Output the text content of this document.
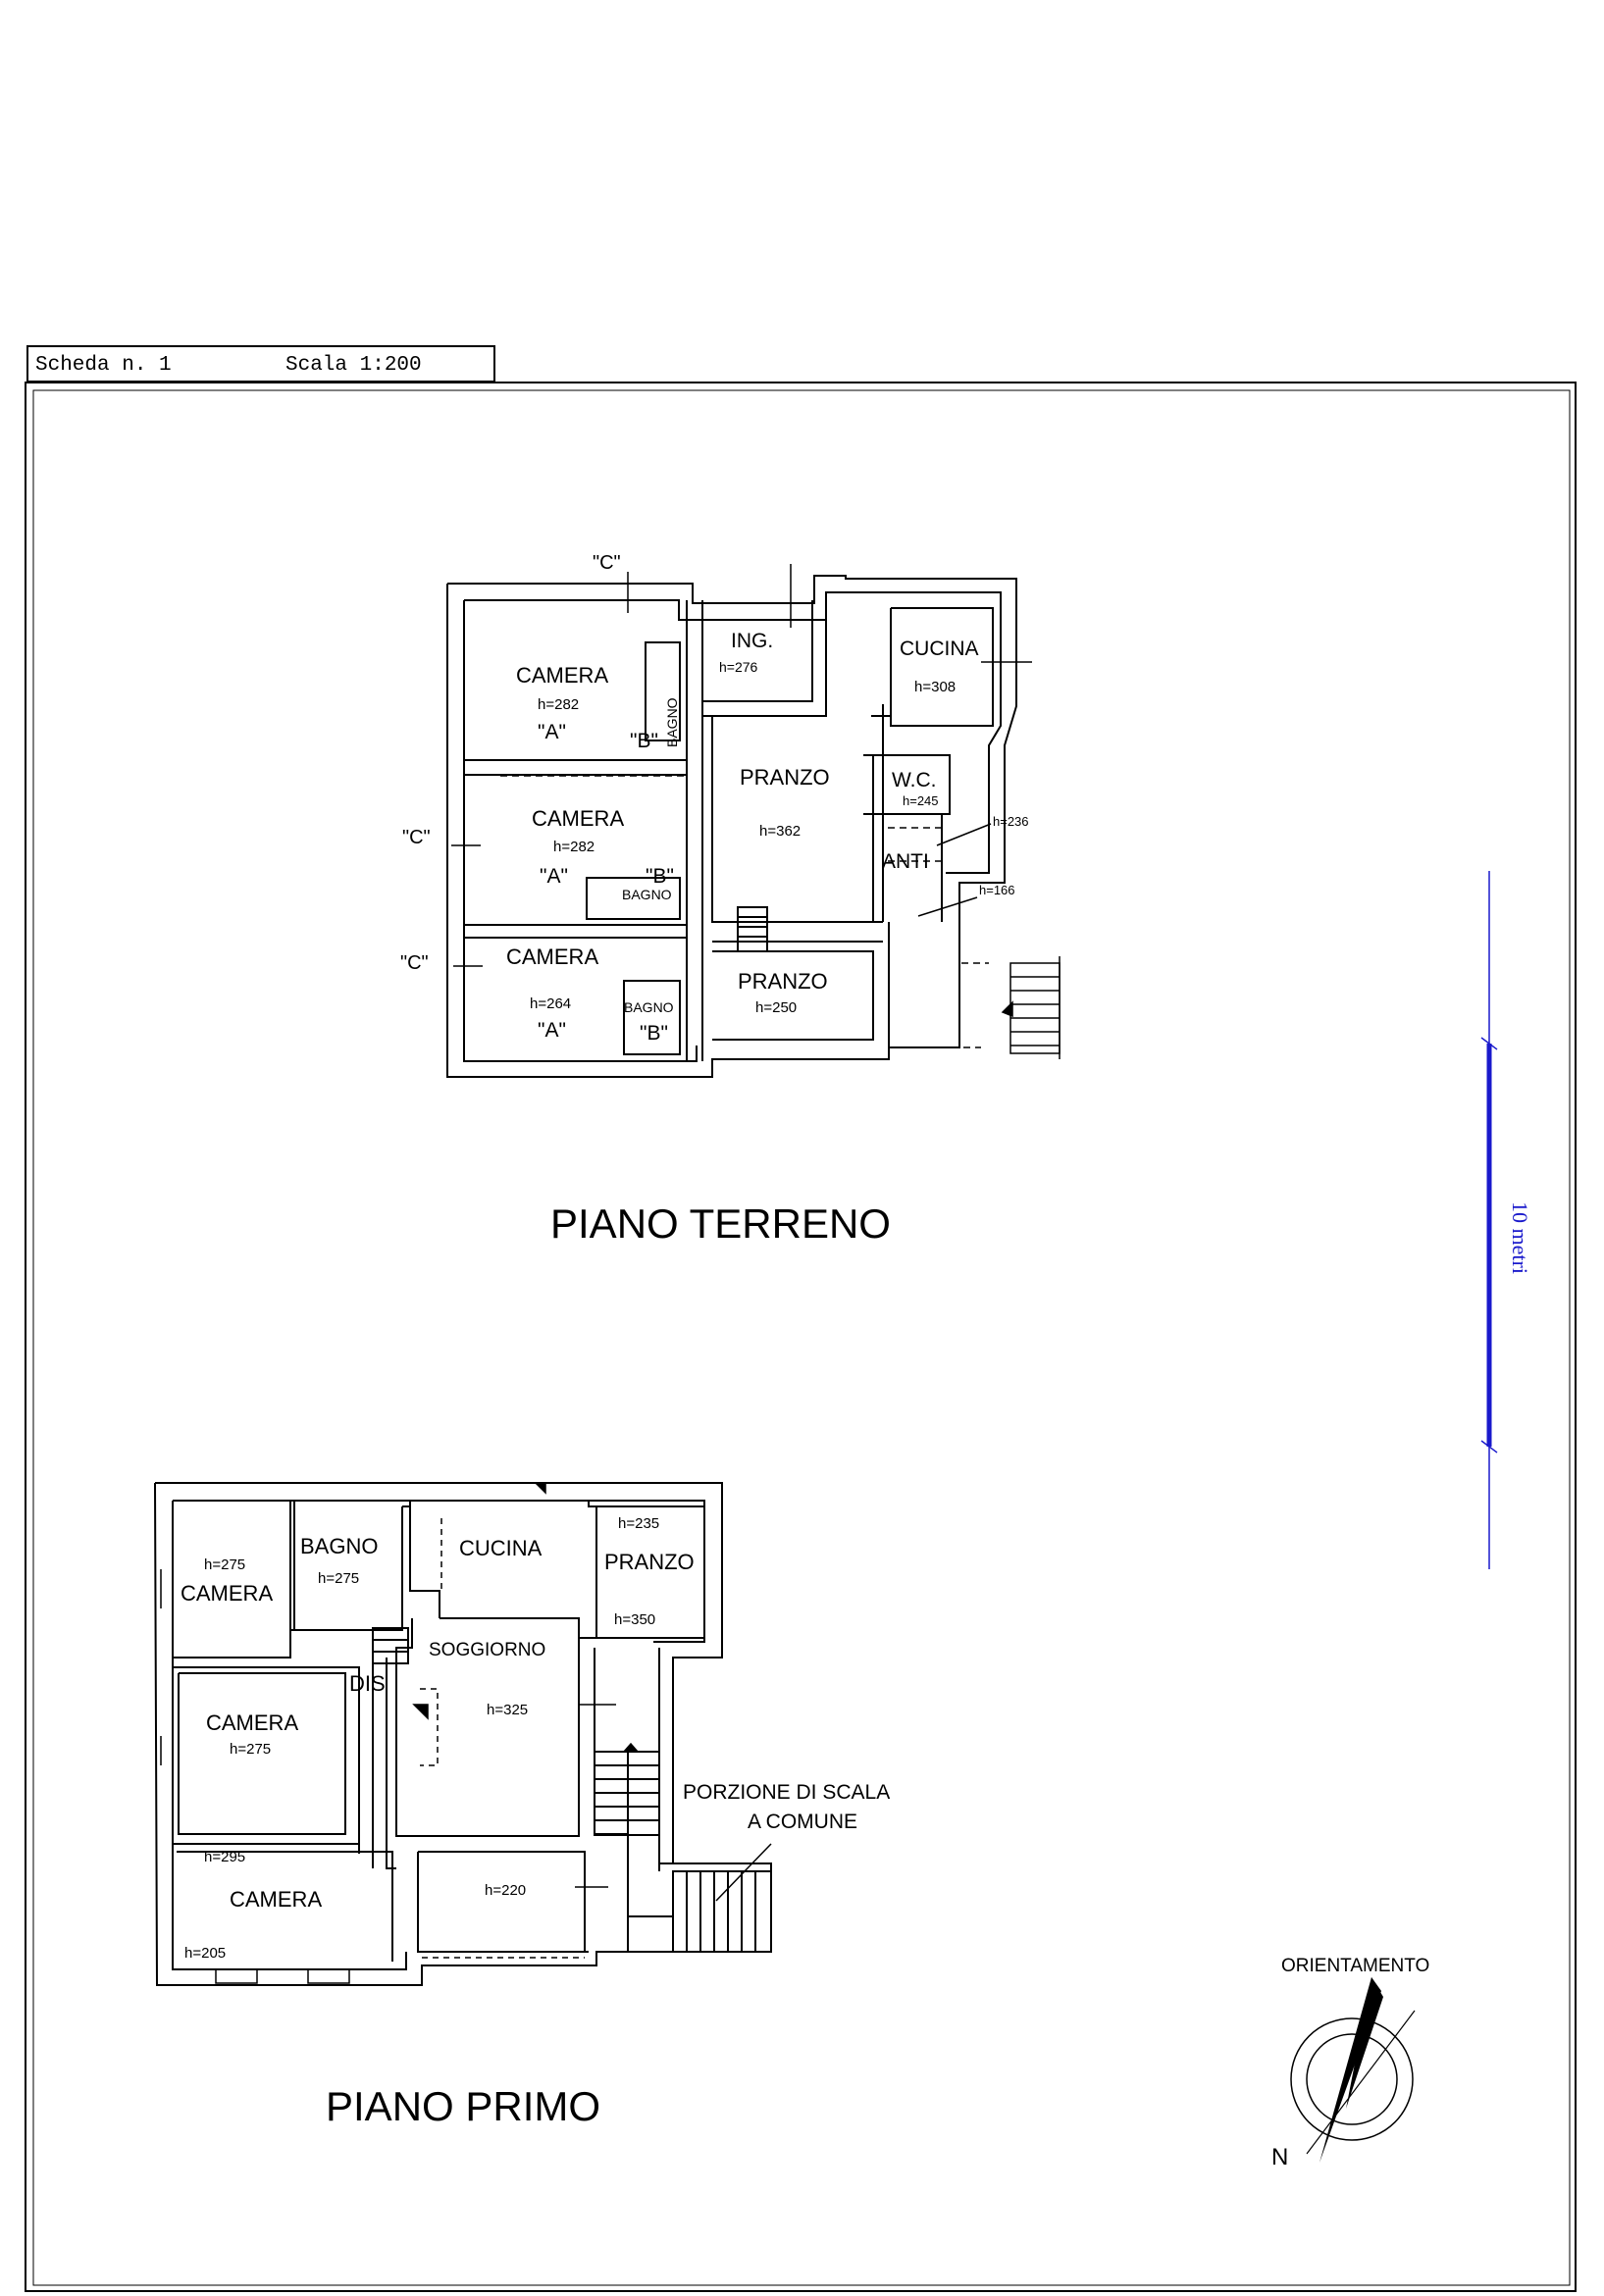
Scheda n. 1	Scala 1:200
"C"
"C"
"C"
CAMERA
h=282
"A"	"B" BAGNO
ING.
h=276
CUCINA
h=308
PRANZO
h=362
W.C.
h=245
ANTI
h=236
h=166
CAMERA
h=282
"A"	"B"
BAGNO
CAMERA
h=264
"A"	"B"
BAGNO
PRANZO
h=250
PIANO TERRENO	10 metri
h=275
CAMERA
BAGNO
h=275
CUCINA
h=235
PRANZO
h=350
SOGGIORNO
h=325
DIS
CAMERA
h=275
h=295
CAMERA
h=205
h=220
PORZIONE DI SCALA
A COMUNE
PIANO PRIMO
ORIENTAMENTO
N
